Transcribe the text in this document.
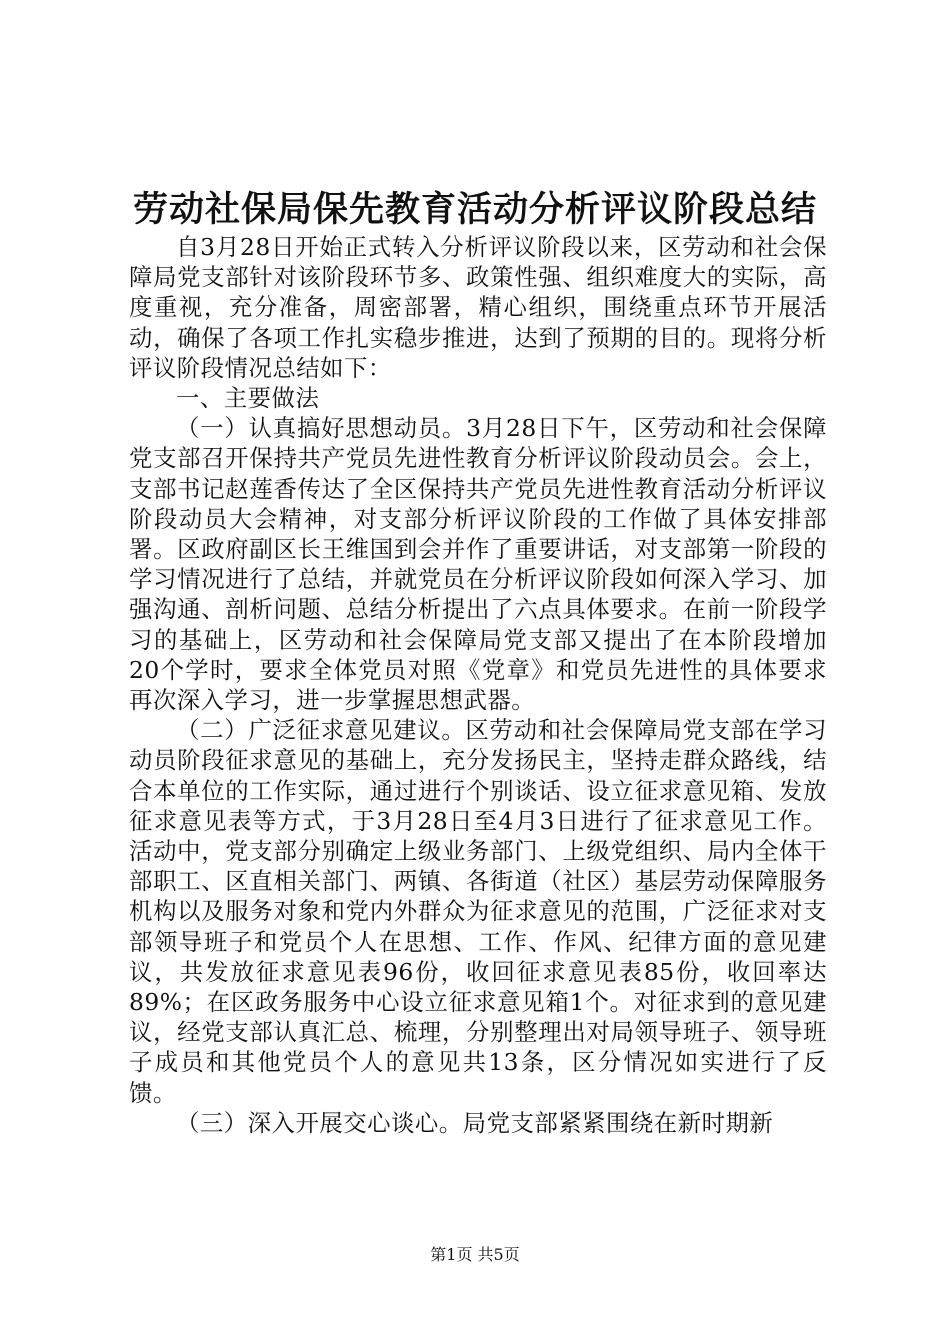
劳动社保局保先教育活动分析评议阶段总结

自3月28日开始正式转入分析评议阶段以来，区劳动和社会保障局党支部针对该阶段环节多、政策性强、组织难度大的实际，高度重视，充分准备，周密部署，精心组织，围绕重点环节开展活动，确保了各项工作扎实稳步推进，达到了预期的目的。现将分析评议阶段情况总结如下：

一、主要做法

（一）认真搞好思想动员。3月28日下午，区劳动和社会保障党支部召开保持共产党员先进性教育分析评议阶段动员会。会上，支部书记赵莲香传达了全区保持共产党员先进性教育活动分析评议阶段动员大会精神，对支部分析评议阶段的工作做了具体安排部署。区政府副区长王维国到会并作了重要讲话，对支部第一阶段的学习情况进行了总结，并就党员在分析评议阶段如何深入学习、加强沟通、剖析问题、总结分析提出了六点具体要求。在前一阶段学习的基础上，区劳动和社会保障局党支部又提出了在本阶段增加20个学时，要求全体党员对照《党章》和党员先进性的具体要求再次深入学习，进一步掌握思想武器。

（二）广泛征求意见建议。区劳动和社会保障局党支部在学习动员阶段征求意见的基础上，充分发扬民主，坚持走群众路线，结合本单位的工作实际，通过进行个别谈话、设立征求意见箱、发放征求意见表等方式，于3月28日至4月3日进行了征求意见工作。活动中，党支部分别确定上级业务部门、上级党组织、局内全体干部职工、区直相关部门、两镇、各街道（社区）基层劳动保障服务机构以及服务对象和党内外群众为征求意见的范围，广泛征求对支部领导班子和党员个人在思想、工作、作风、纪律方面的意见建议，共发放征求意见表96份，收回征求意见表85份，收回率达89%；在区政务服务中心设立征求意见箱1个。对征求到的意见建议，经党支部认真汇总、梳理，分别整理出对局领导班子、领导班子成员和其他党员个人的意见共13条，区分情况如实进行了反馈。

（三）深入开展交心谈心。局党支部紧紧围绕在新时期新

第1页 共5页
